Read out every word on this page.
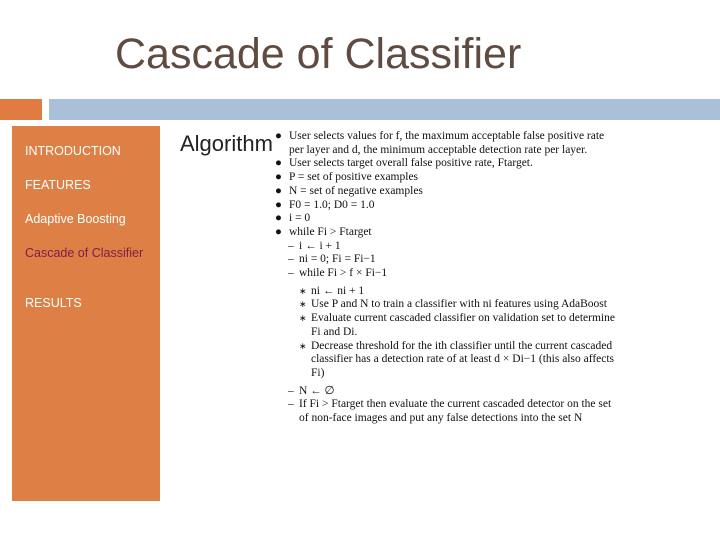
Cascade of Classifier
INTRODUCTION
FEATURES
Adaptive Boosting
Cascade of Classifier
RESULTS
Algorithm ● User selects values for f, the maximum acceptable false positive rate per layer and d, the minimum acceptable detection rate per layer.
● User selects target overall false positive rate, Ftarget.
● P = set of positive examples
● N = set of negative examples
● F0 = 1.0; D0 = 1.0
● i = 0
● while Fi > Ftarget
– i ← i + 1
– ni = 0; Fi = Fi−1
– while Fi > f × Fi−1
∗ ni ← ni + 1
∗ Use P and N to train a classifier with ni features using AdaBoost
∗ Evaluate current cascaded classifier on validation set to determine Fi and Di.
∗ Decrease threshold for the ith classifier until the current cascaded classifier has a detection rate of at least d × Di−1 (this also affects Fi)
– N ← ∅
– If Fi > Ftarget then evaluate the current cascaded detector on the set of non-face images and put any false detections into the set N
